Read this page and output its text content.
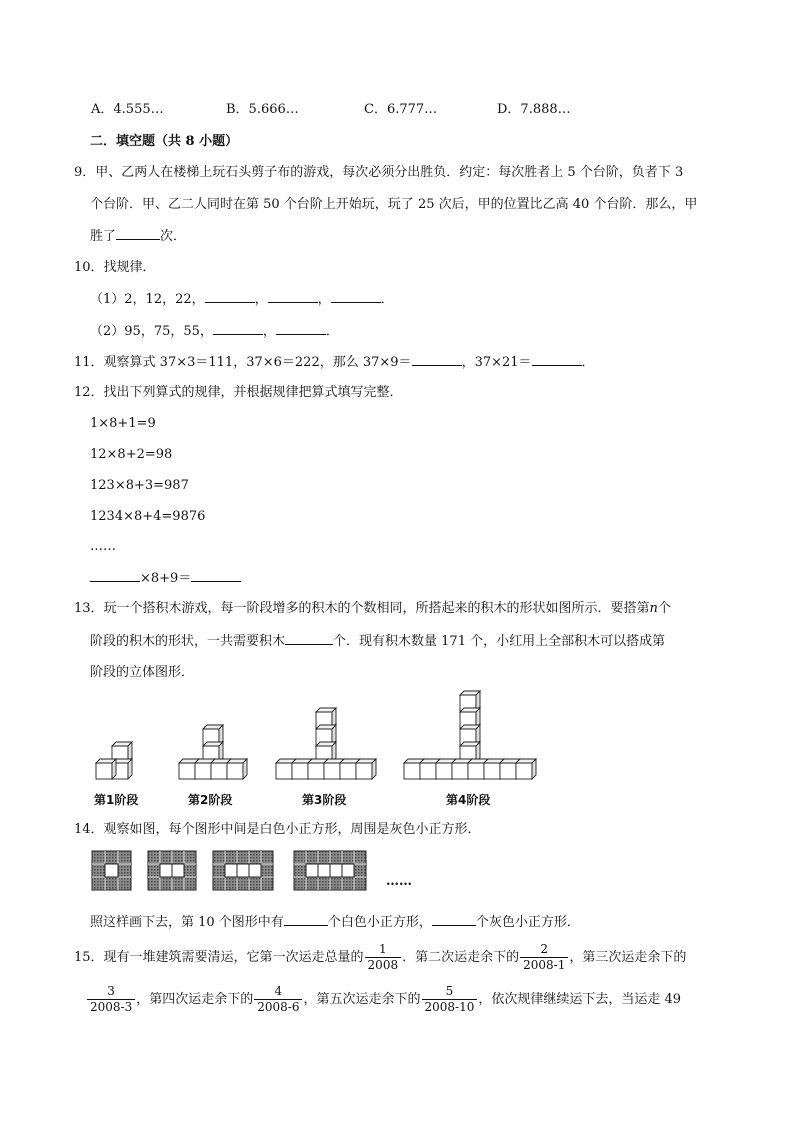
A．4.555…	B．5.666…	C．6.777…	D．7.888…
二．填空题（共 8 小题）
9．甲、乙两人在楼梯上玩石头剪子布的游戏，每次必须分出胜负．约定：每次胜者上 5 个台阶，负者下 3
个台阶．甲、乙二人同时在第 50 个台阶上开始玩，玩了 25 次后，甲的位置比乙高 40 个台阶．那么，甲
胜了	次．
10．找规律．
（1）2，12，22，	，	，	．
（2）95，75，55，	，	．
11．观察算式 37×3＝111，37×6＝222，那么 37×9＝	，37×21＝	．
12．找出下列算式的规律，并根据规律把算式填写完整．
1×8+1=9
12×8+2=98
123×8+3=987
1234×8+4=9876
……
×8+9＝
13．玩一个搭积木游戏，每一阶段增多的积木的个数相同，所搭起来的积木的形状如图所示．要搭第n个
阶段的积木的形状，一共需要积木	个．现有积木数量 171 个，小红用上全部积木可以搭成第
阶段的立体图形．
第1阶段	第2阶段	第3阶段	第4阶段
14．观察如图，每个图形中间是白色小正方形，周围是灰色小正方形．
……
照这样画下去，第 10 个图形中有	个白色小正方形，	个灰色小正方形．
15．现有一堆建筑需要清运，它第一次运走总量的 $\frac{1}{2008}$ ．第二次运走余下的 $\frac{2}{2008-1}$ ，第三次运走余下的
$\frac{3}{2008-3}$ ，第四次运走余下的 $\frac{4}{2008-6}$ ，第五次运走余下的 $\frac{5}{2008-10}$ ，依次规律继续运下去，当运走 49
